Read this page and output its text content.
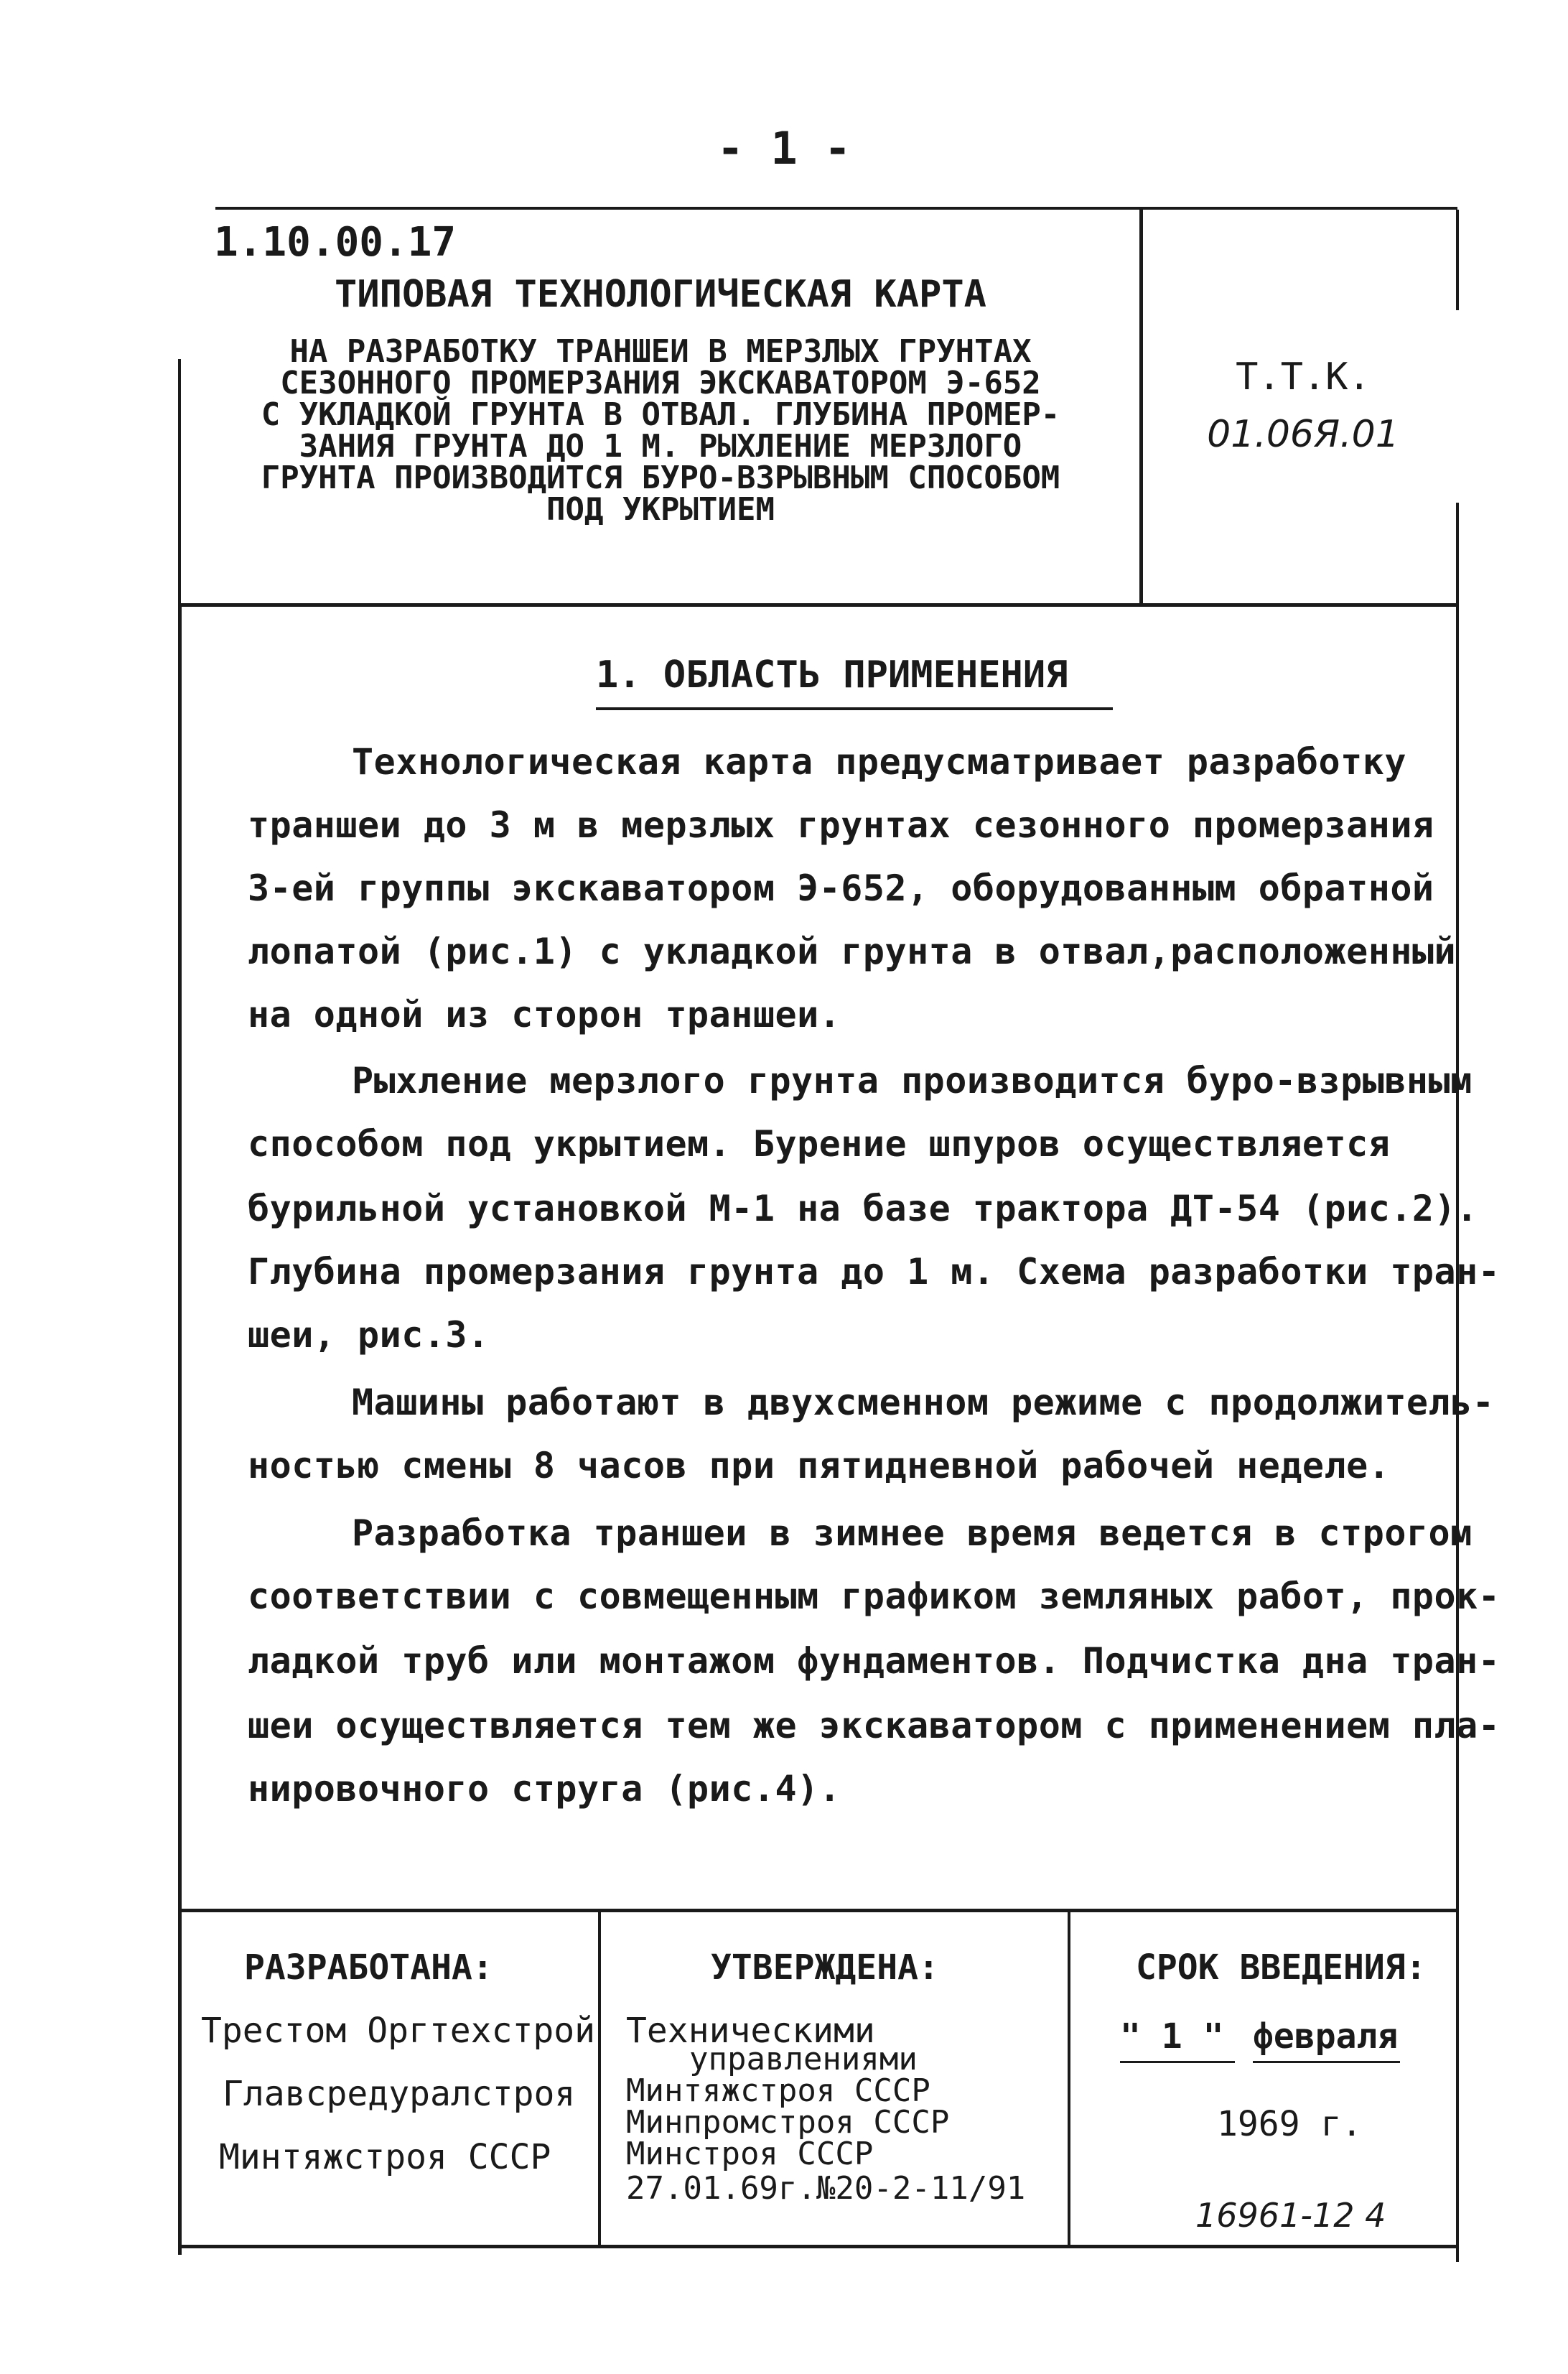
- 1 -
1.10.00.17
ТИПОВАЯ ТЕХНОЛОГИЧЕСКАЯ КАРТА
НА РАЗРАБОТКУ ТРАНШЕИ В МЕРЗЛЫХ ГРУНТАХ
СЕЗОННОГО ПРОМЕРЗАНИЯ ЭКСКАВАТОРОМ Э-652
С УКЛАДКОЙ ГРУНТА В ОТВАЛ. ГЛУБИНА ПРОМЕР-
ЗАНИЯ ГРУНТА ДО 1 М. РЫХЛЕНИЕ МЕРЗЛОГО
ГРУНТА ПРОИЗВОДИТСЯ БУРО-ВЗРЫВНЫМ СПОСОБОМ
ПОД УКРЫТИЕМ
Т.Т.К.
01.06Я.01
1. ОБЛАСТЬ ПРИМЕНЕНИЯ
Технологическая карта предусматривает разработку
траншеи до 3 м в мерзлых грунтах сезонного промерзания
3-ей группы экскаватором Э-652, оборудованным обратной
лопатой (рис.1) с укладкой грунта в отвал,расположенный
на одной из сторон траншеи.
Рыхление мерзлого грунта производится буро-взрывным
способом под укрытием. Бурение шпуров осуществляется
бурильной установкой М-1 на базе трактора ДТ-54 (рис.2).
Глубина промерзания грунта до 1 м. Схема разработки тран-
шеи, рис.3.
Машины работают в двухсменном режиме с продолжитель-
ностью смены 8 часов при пятидневной рабочей неделе.
Разработка траншеи в зимнее время ведется в строгом
соответствии с совмещенным графиком земляных работ, прок-
ладкой труб или монтажом фундаментов. Подчистка дна тран-
шеи осуществляется тем же экскаватором с применением пла-
нировочного струга (рис.4).
РАЗРАБОТАНА:
Трестом Оргтехстрой
Главсредуралстроя
Минтяжстроя СССР
УТВЕРЖДЕНА:
Техническими
управлениями
Минтяжстроя СССР
Минпромстроя СССР
Минстроя СССР
27.01.69г.№20-2-11/91
СРОК ВВЕДЕНИЯ:
" 1 " февраля
1969 г.
16961-12 4
